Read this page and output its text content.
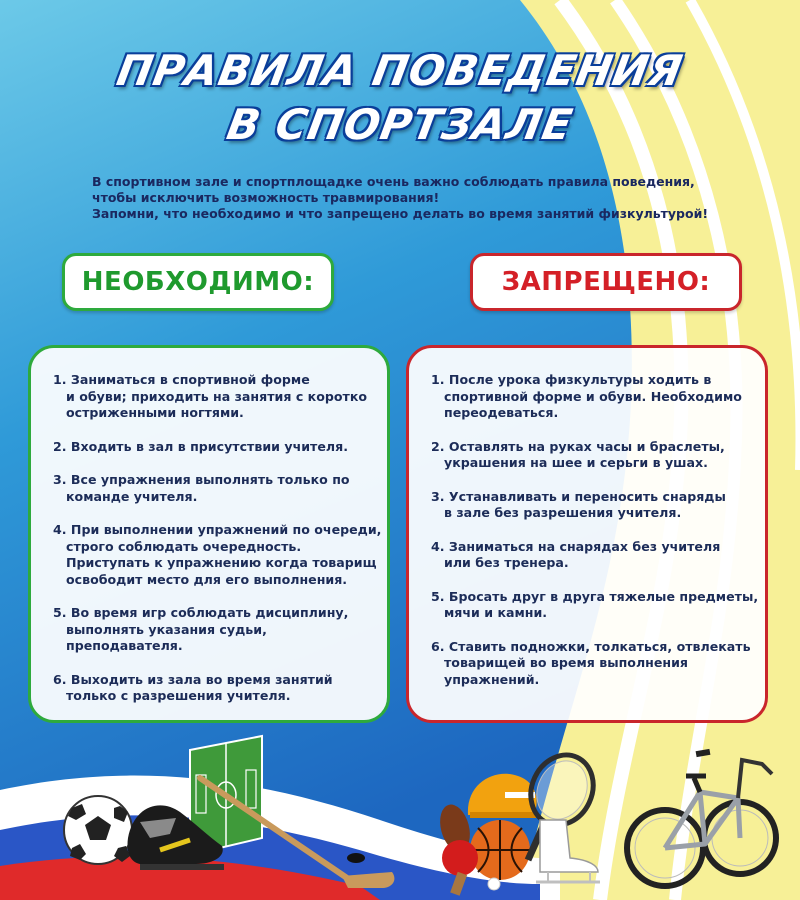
ПРАВИЛА ПОВЕДЕНИЯ
В СПОРТЗАЛЕ
В спортивном зале и спортплощадке очень важно соблюдать правила поведения,
чтобы исключить возможность травмирования!
Запомни, что необходимо и что запрещено делать во время занятий физкультурой!
НЕОБХОДИМО:	ЗАПРЕЩЕНО:
1. Заниматься в спортивной форме
и обуви; приходить на занятия с коротко
остриженными ногтями.
2. Входить в зал в присутствии учителя.
3. Все упражнения выполнять только по
команде учителя.
4. При выполнении упражнений по очереди,
строго соблюдать очередность.
Приступать к упражнению когда товарищ
освободит место для его выполнения.
5. Во время игр соблюдать дисциплину,
выполнять указания судьи,
преподавателя.
6. Выходить из зала во время занятий
только с разрешения учителя.
1. После урока физкультуры ходить в
спортивной форме и обуви. Необходимо
переодеваться.
2. Оставлять на руках часы и браслеты,
украшения на шее и серьги в ушах.
3. Устанавливать и переносить снаряды
в зале без разрешения учителя.
4. Заниматься на снарядах без учителя
или без тренера.
5. Бросать друг в друга тяжелые предметы,
мячи и камни.
6. Ставить подножки, толкаться, отвлекать
товарищей во время выполнения
упражнений.
